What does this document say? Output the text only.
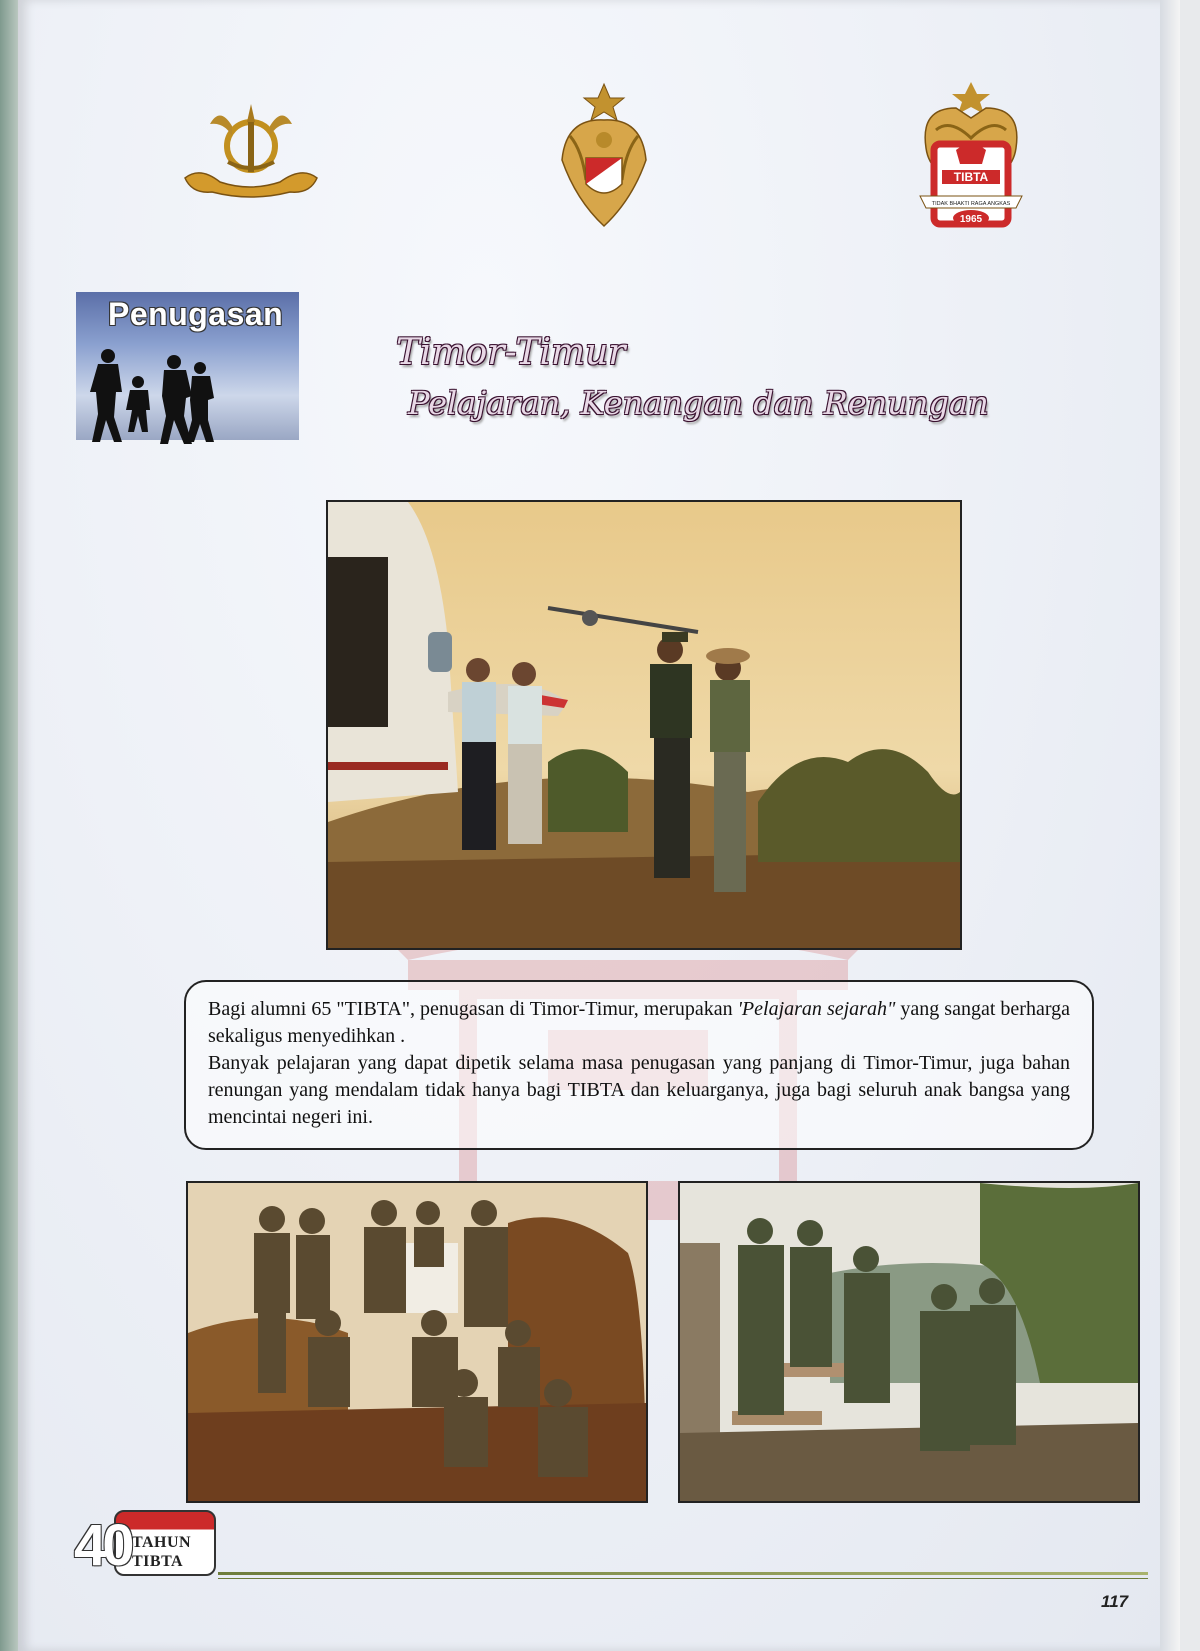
TIBTA
TIDAK BHAKTI RAGA ANGKAS
1965
Penugasan
Timor-Timur
Pelajaran, Kenangan dan Renungan

Bagi alumni 65 "TIBTA", penugasan di Timor-Timur, merupakan 'Pelajaran sejarah" yang sangat berharga sekaligus menyedihkan .

Banyak pelajaran yang dapat dipetik selama masa penugasan yang panjang di Timor-Timur, juga bahan renungan yang mendalam tidak hanya bagi TIBTA dan keluarganya, juga bagi seluruh anak bangsa yang mencintai negeri ini.

40 TAHUN
TIBTA
117
